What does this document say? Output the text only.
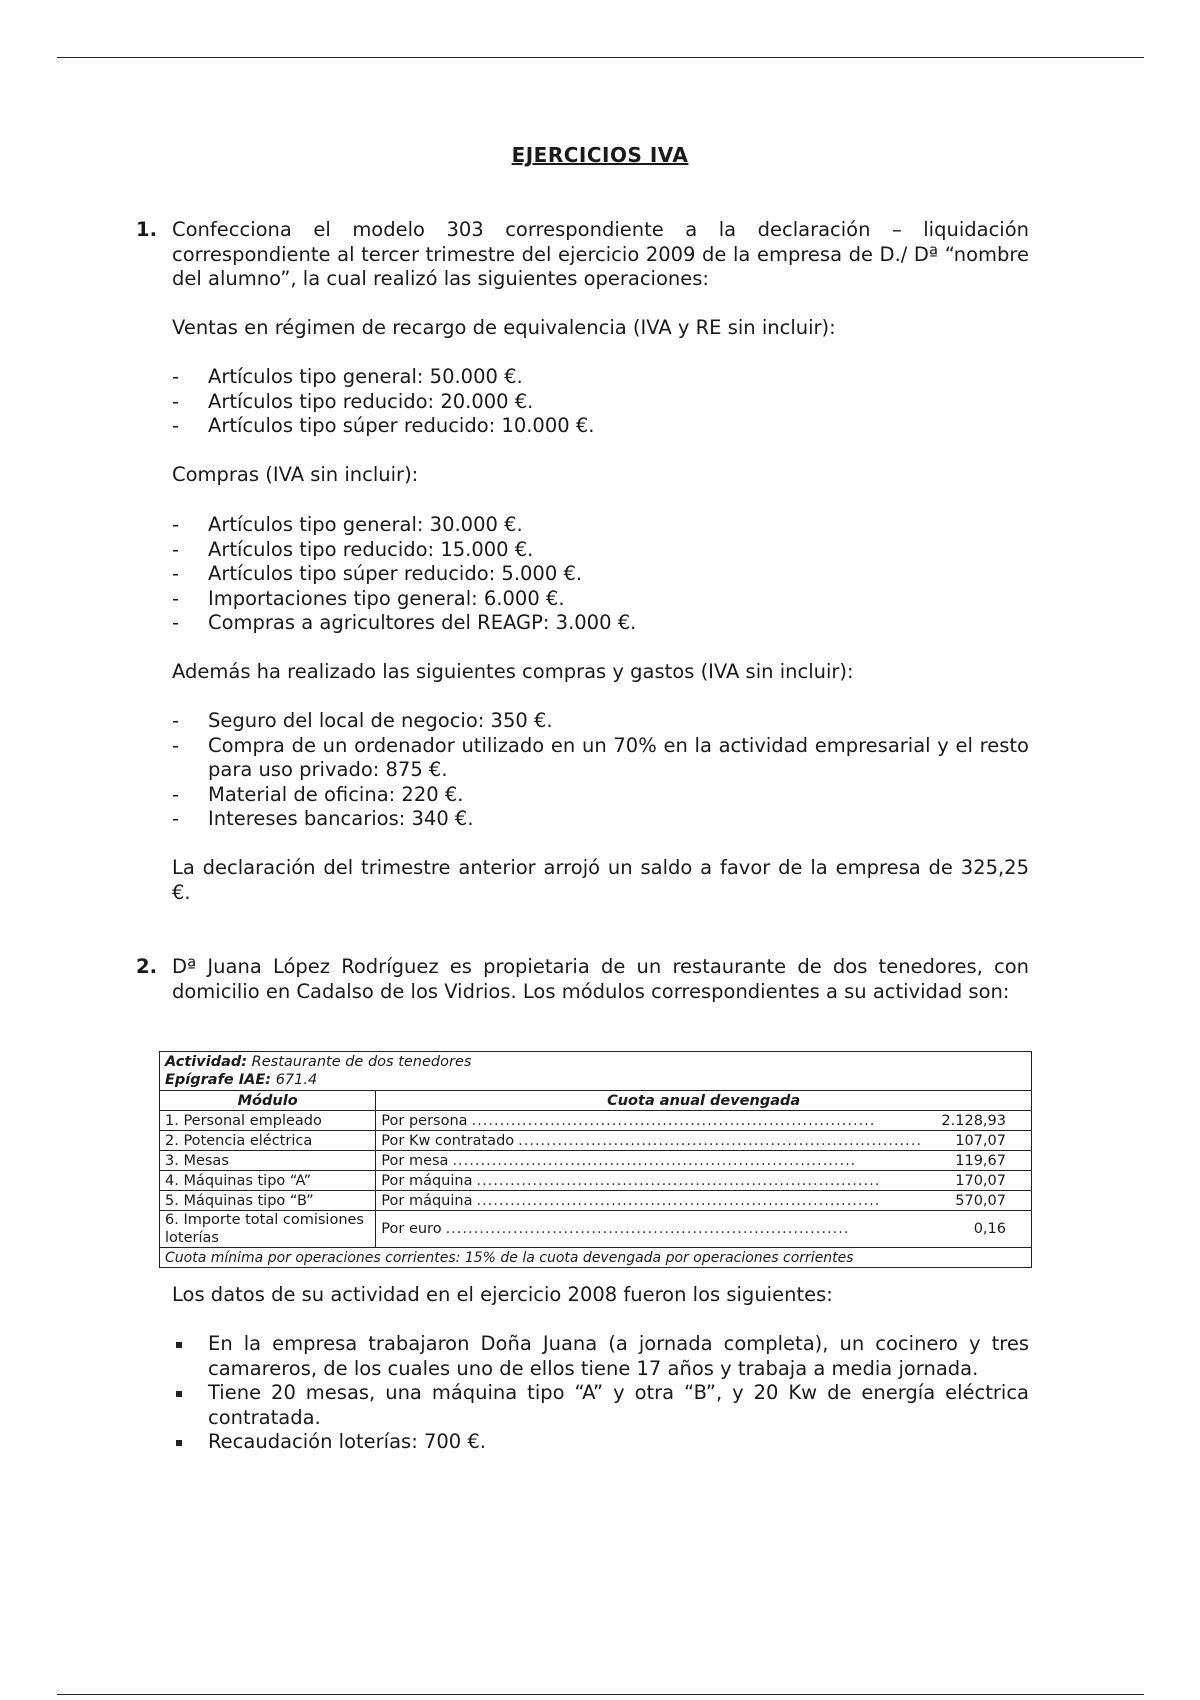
EJERCICIOS IVA
1. Confecciona el modelo 303 correspondiente a la declaración – liquidación correspondiente al tercer trimestre del ejercicio 2009 de la empresa de D./ Dª “nombre del alumno”, la cual realizó las siguientes operaciones:

Ventas en régimen de recargo de equivalencia (IVA y RE sin incluir):

- Artículos tipo general: 50.000 €.
- Artículos tipo reducido: 20.000 €.
- Artículos tipo súper reducido: 10.000 €.

Compras (IVA sin incluir):

- Artículos tipo general: 30.000 €.
- Artículos tipo reducido: 15.000 €.
- Artículos tipo súper reducido: 5.000 €.
- Importaciones tipo general: 6.000 €.
- Compras a agricultores del REAGP: 3.000 €.

Además ha realizado las siguientes compras y gastos (IVA sin incluir):

- Seguro del local de negocio: 350 €.
- Compra de un ordenador utilizado en un 70% en la actividad empresarial y el resto para uso privado: 875 €.
- Material de oficina: 220 €.
- Intereses bancarios: 340 €.

La declaración del trimestre anterior arrojó un saldo a favor de la empresa de 325,25 €.

2. Dª Juana López Rodríguez es propietaria de un restaurante de dos tenedores, con domicilio en Cadalso de los Vidrios. Los módulos correspondientes a su actividad son:

Actividad: Restaurante de dos tenedores
Epígrafe IAE: 671.4	

Módulo	Cuota anual devengada
1. Personal empleado	Por persona ........................................................................ 2.128,93

2. Potencia eléctrica	Por Kw contratado ........................................................................ 107,07

3. Mesas	Por mesa ........................................................................ 119,67

4. Máquinas tipo “A”	Por máquina ........................................................................ 170,07

5. Máquinas tipo “B”	Por máquina ........................................................................ 570,07

6. Importe total comisiones loterías	Por euro ........................................................................ 0,16

Cuota mínima por operaciones corrientes: 15% de la cuota devengada por operaciones corrientes	
Los datos de su actividad en el ejercicio 2008 fueron los siguientes:
En la empresa trabajaron Doña Juana (a jornada completa), un cocinero y tres camareros, de los cuales uno de ellos tiene 17 años y trabaja a media jornada.
Tiene 20 mesas, una máquina tipo “A” y otra “B”, y 20 Kw de energía eléctrica contratada.
Recaudación loterías: 700 €.
